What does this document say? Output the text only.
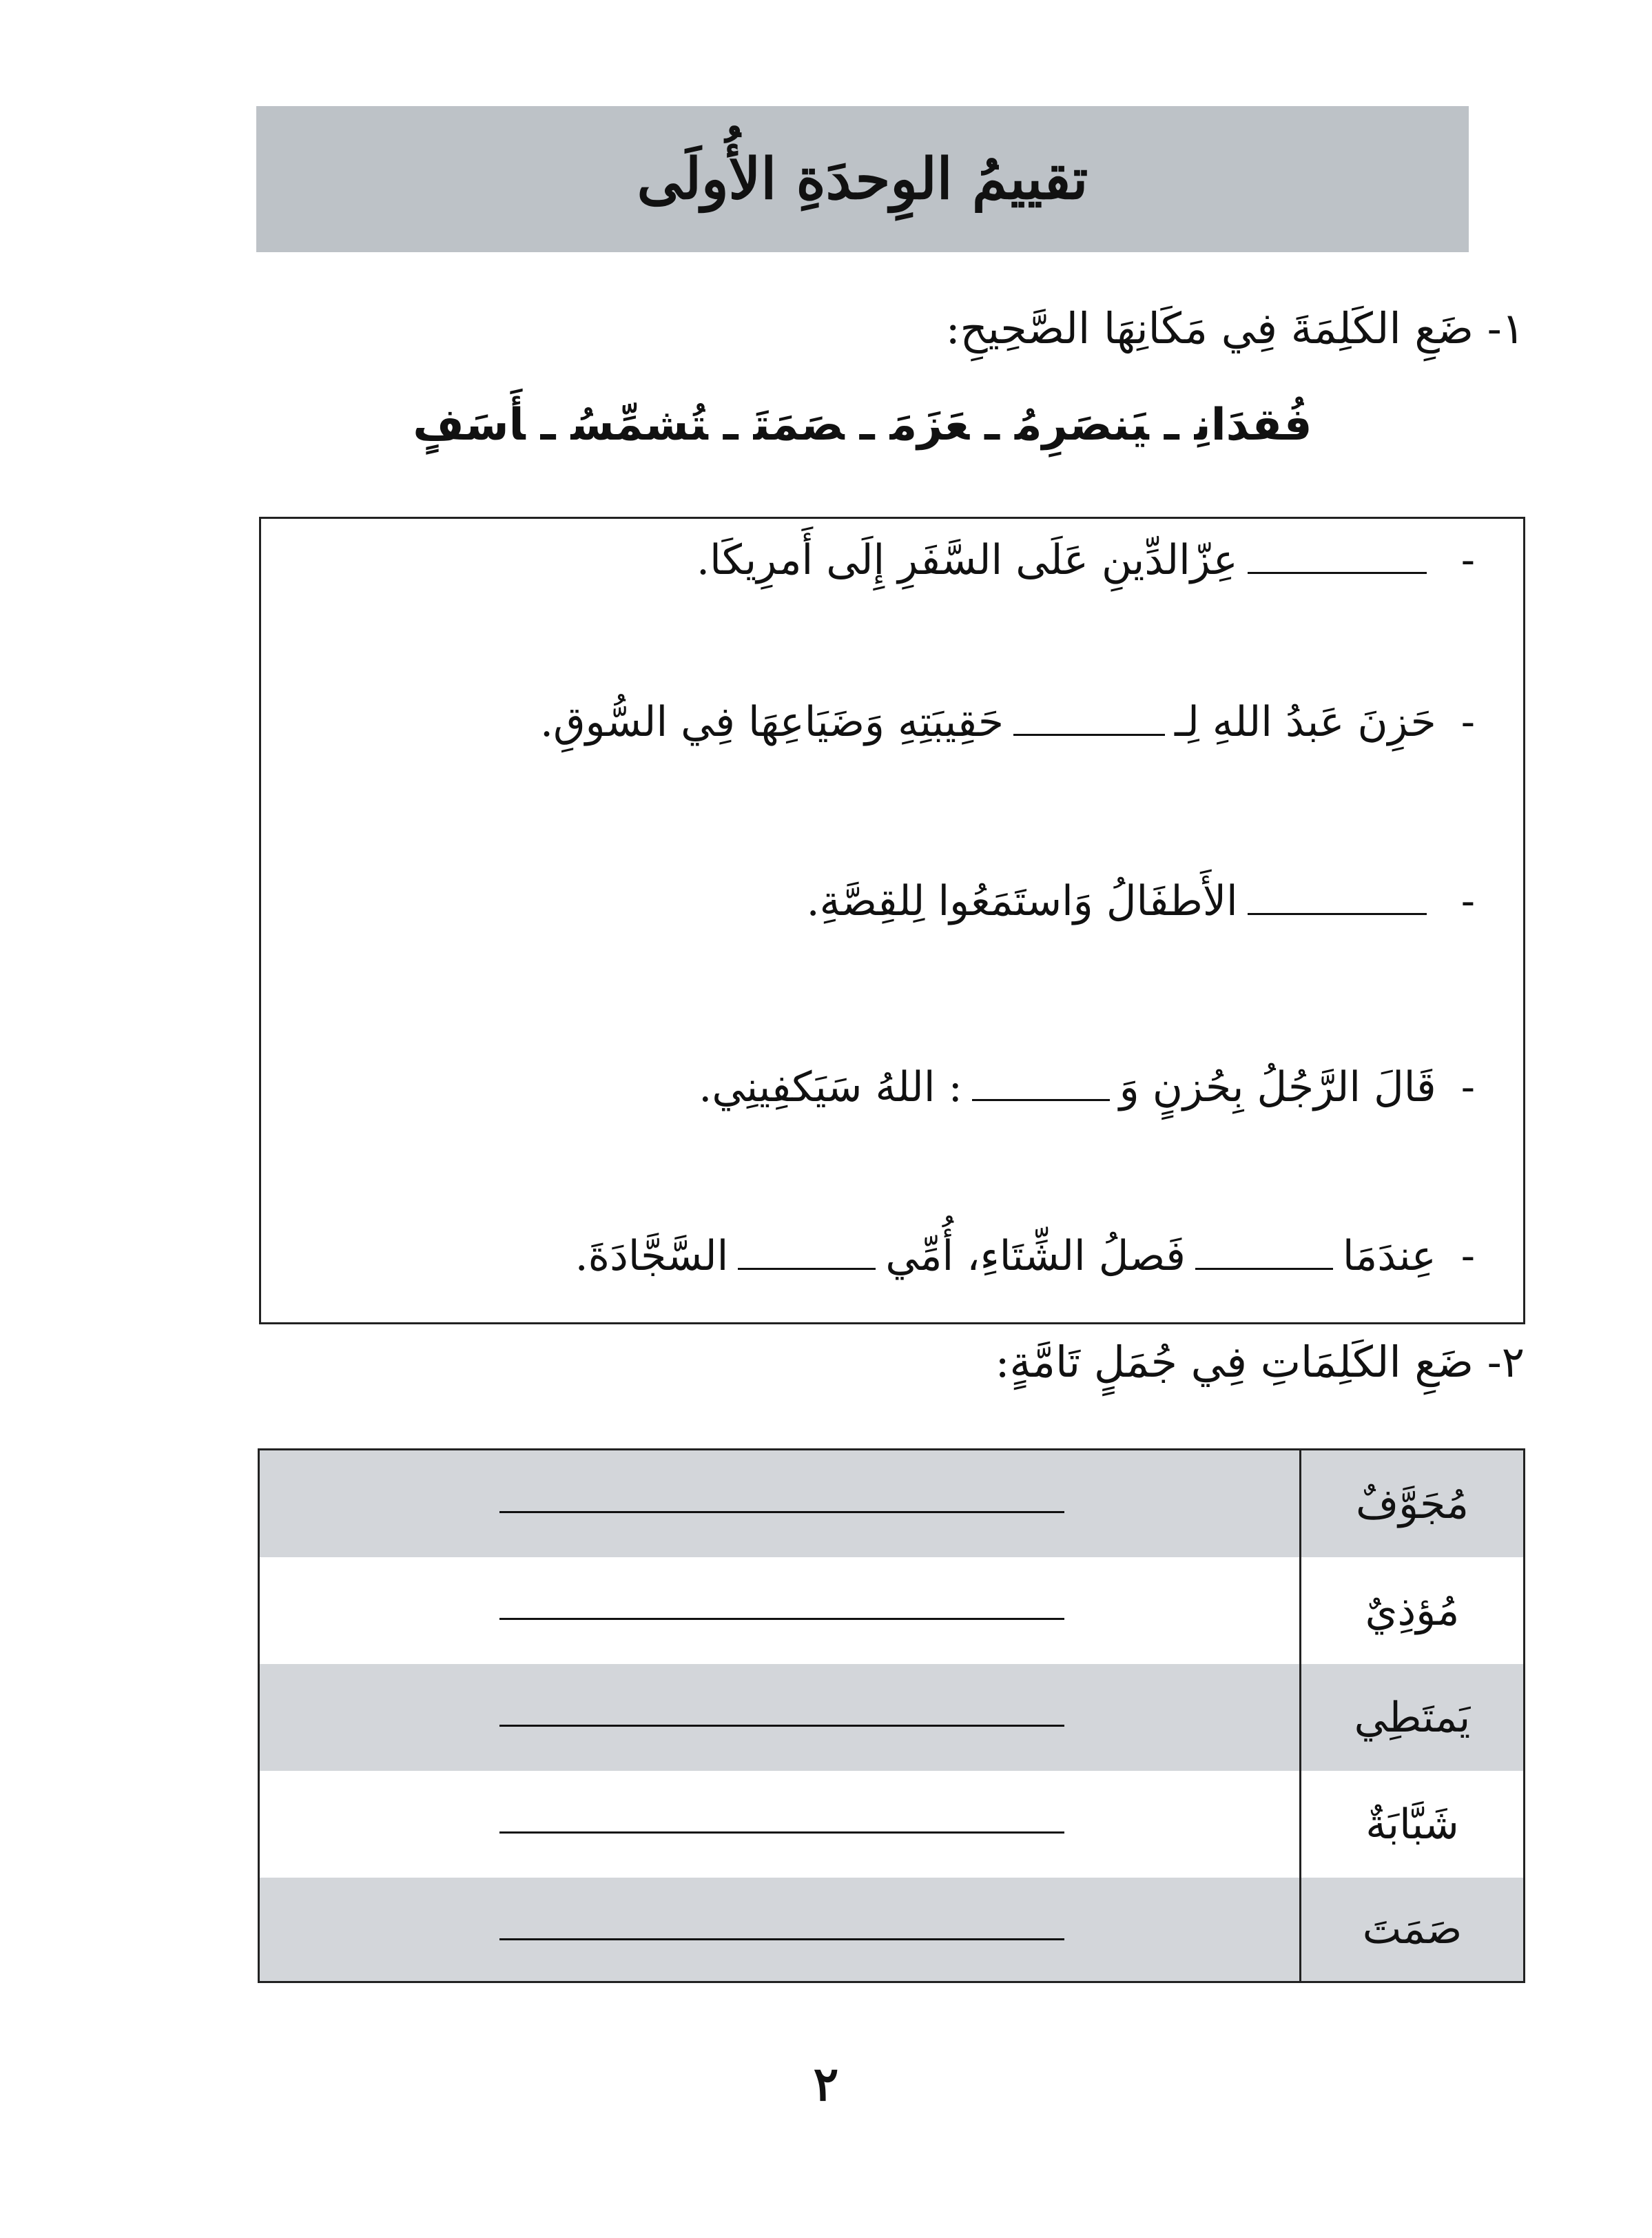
تقييمُ الوِحدَةِ الأُولَى
١- ضَعِ الكَلِمَةَ فِي مَكَانِهَا الصَّحِيحِ:
فُقدَانِـيَنصَرِمُـعَزَمَـصَمَتَـتُشمِّسُـأَسَفٍ
-
عِزّالدِّينِ عَلَى السَّفَرِ إِلَى أَمرِيكَا.
-
حَزِنَ عَبدُ اللهِ لِـ
حَقِيبَتِهِ وَضَيَاعِهَا فِي السُّوقِ.
-
الأَطفَالُ وَاستَمَعُوا لِلقِصَّةِ.
-
قَالَ الرَّجُلُ بِحُزنٍ وَ
: اللهُ سَيَكفِينِي.
-
عِندَمَا
فَصلُ الشِّتَاءِ، أُمِّي
السَّجَّادَةَ.
٢- ضَعِ الكَلِمَاتِ فِي جُمَلٍ تَامَّةٍ:
مُجَوَّفٌ
مُؤذِيٌ
يَمتَطِي
شَبَّابَةٌ
صَمَتَ
٢
